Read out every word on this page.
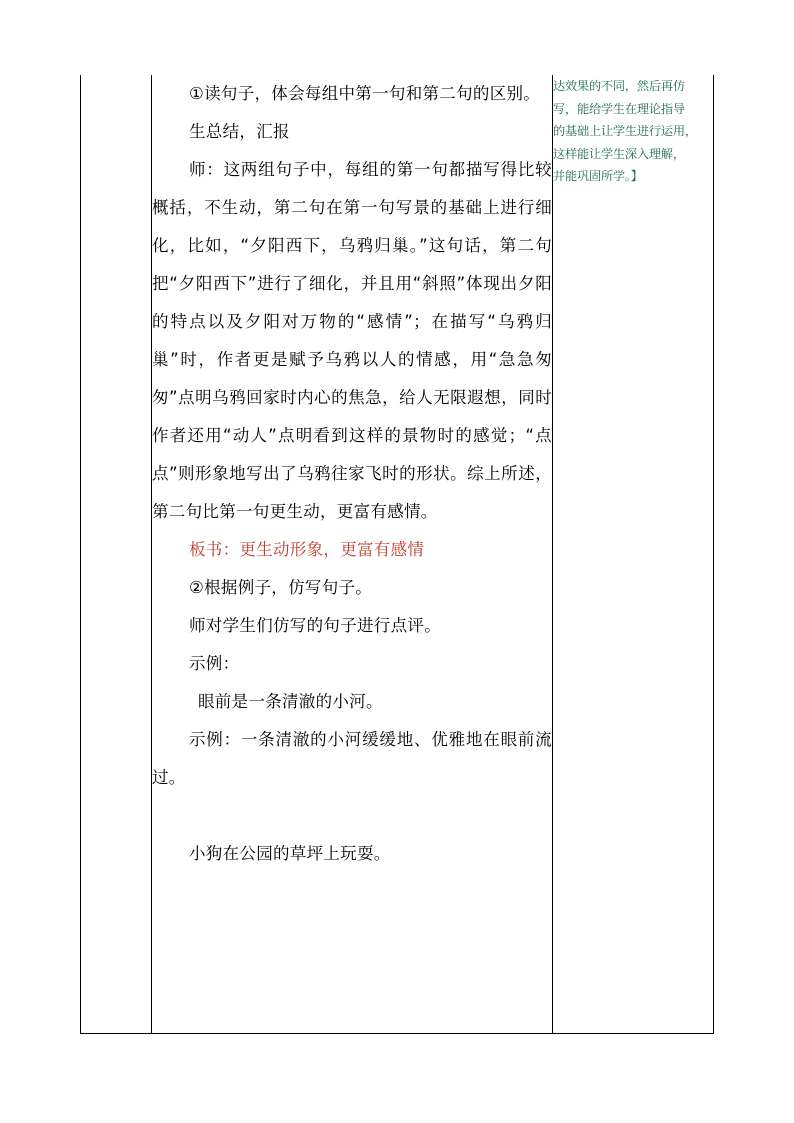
①读句子，体会每组中第一句和第二句的区别。

生总结，汇报

师：这两组句子中，每组的第一句都描写得比较概括，不生动，第二句在第一句写景的基础上进行细化，比如，“夕阳西下，乌鸦归巢。”这句话，第二句把“夕阳西下”进行了细化，并且用“斜照”体现出夕阳的特点以及夕阳对万物的“感情”；在描写“乌鸦归巢”时，作者更是赋予乌鸦以人的情感，用“急急匆匆”点明乌鸦回家时内心的焦急，给人无限遐想，同时作者还用“动人”点明看到这样的景物时的感觉；“点点”则形象地写出了乌鸦往家飞时的形状。综上所述，第二句比第一句更生动，更富有感情。

板书：更生动形象，更富有感情

②根据例子，仿写句子。

师对学生们仿写的句子进行点评。

示例：

眼前是一条清澈的小河。

示例：一条清澈的小河缓缓地、优雅地在眼前流过。

小狗在公园的草坪上玩耍。

达效果的不同，然后再仿

写，能给学生在理论指导

的基础上让学生进行运用，

这样能让学生深入理解，

并能巩固所学。】
